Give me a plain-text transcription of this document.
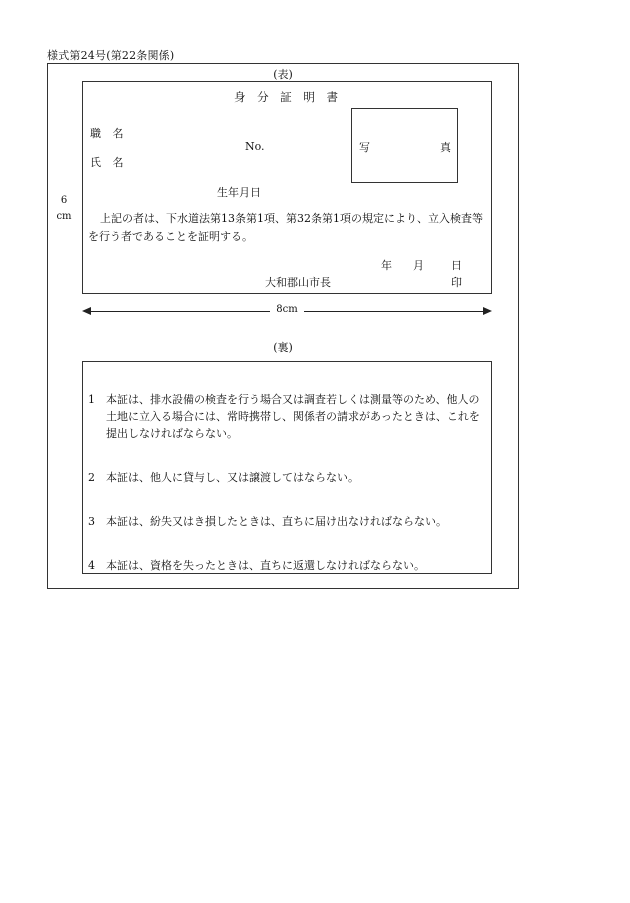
様式第24号(第22条関係)
(表)
6
cm
身 分 証 明 書
職 名
No.
氏 名
写	真
生年月日
上記の者は、下水道法第13条第1項、第32条第1項の規定により、立入検査等を行う者であることを証明する。
年 月 日
大和郡山市長	印
8cm
(裏)
1	本証は、排水設備の検査を行う場合又は調査若しくは測量等のため、他人の土地に立入る場合には、常時携帯し、関係者の請求があったときは、これを提出しなければならない。
2	本証は、他人に貸与し、又は譲渡してはならない。
3	本証は、紛失又はき損したときは、直ちに届け出なければならない。
4	本証は、資格を失ったときは、直ちに返還しなければならない。
